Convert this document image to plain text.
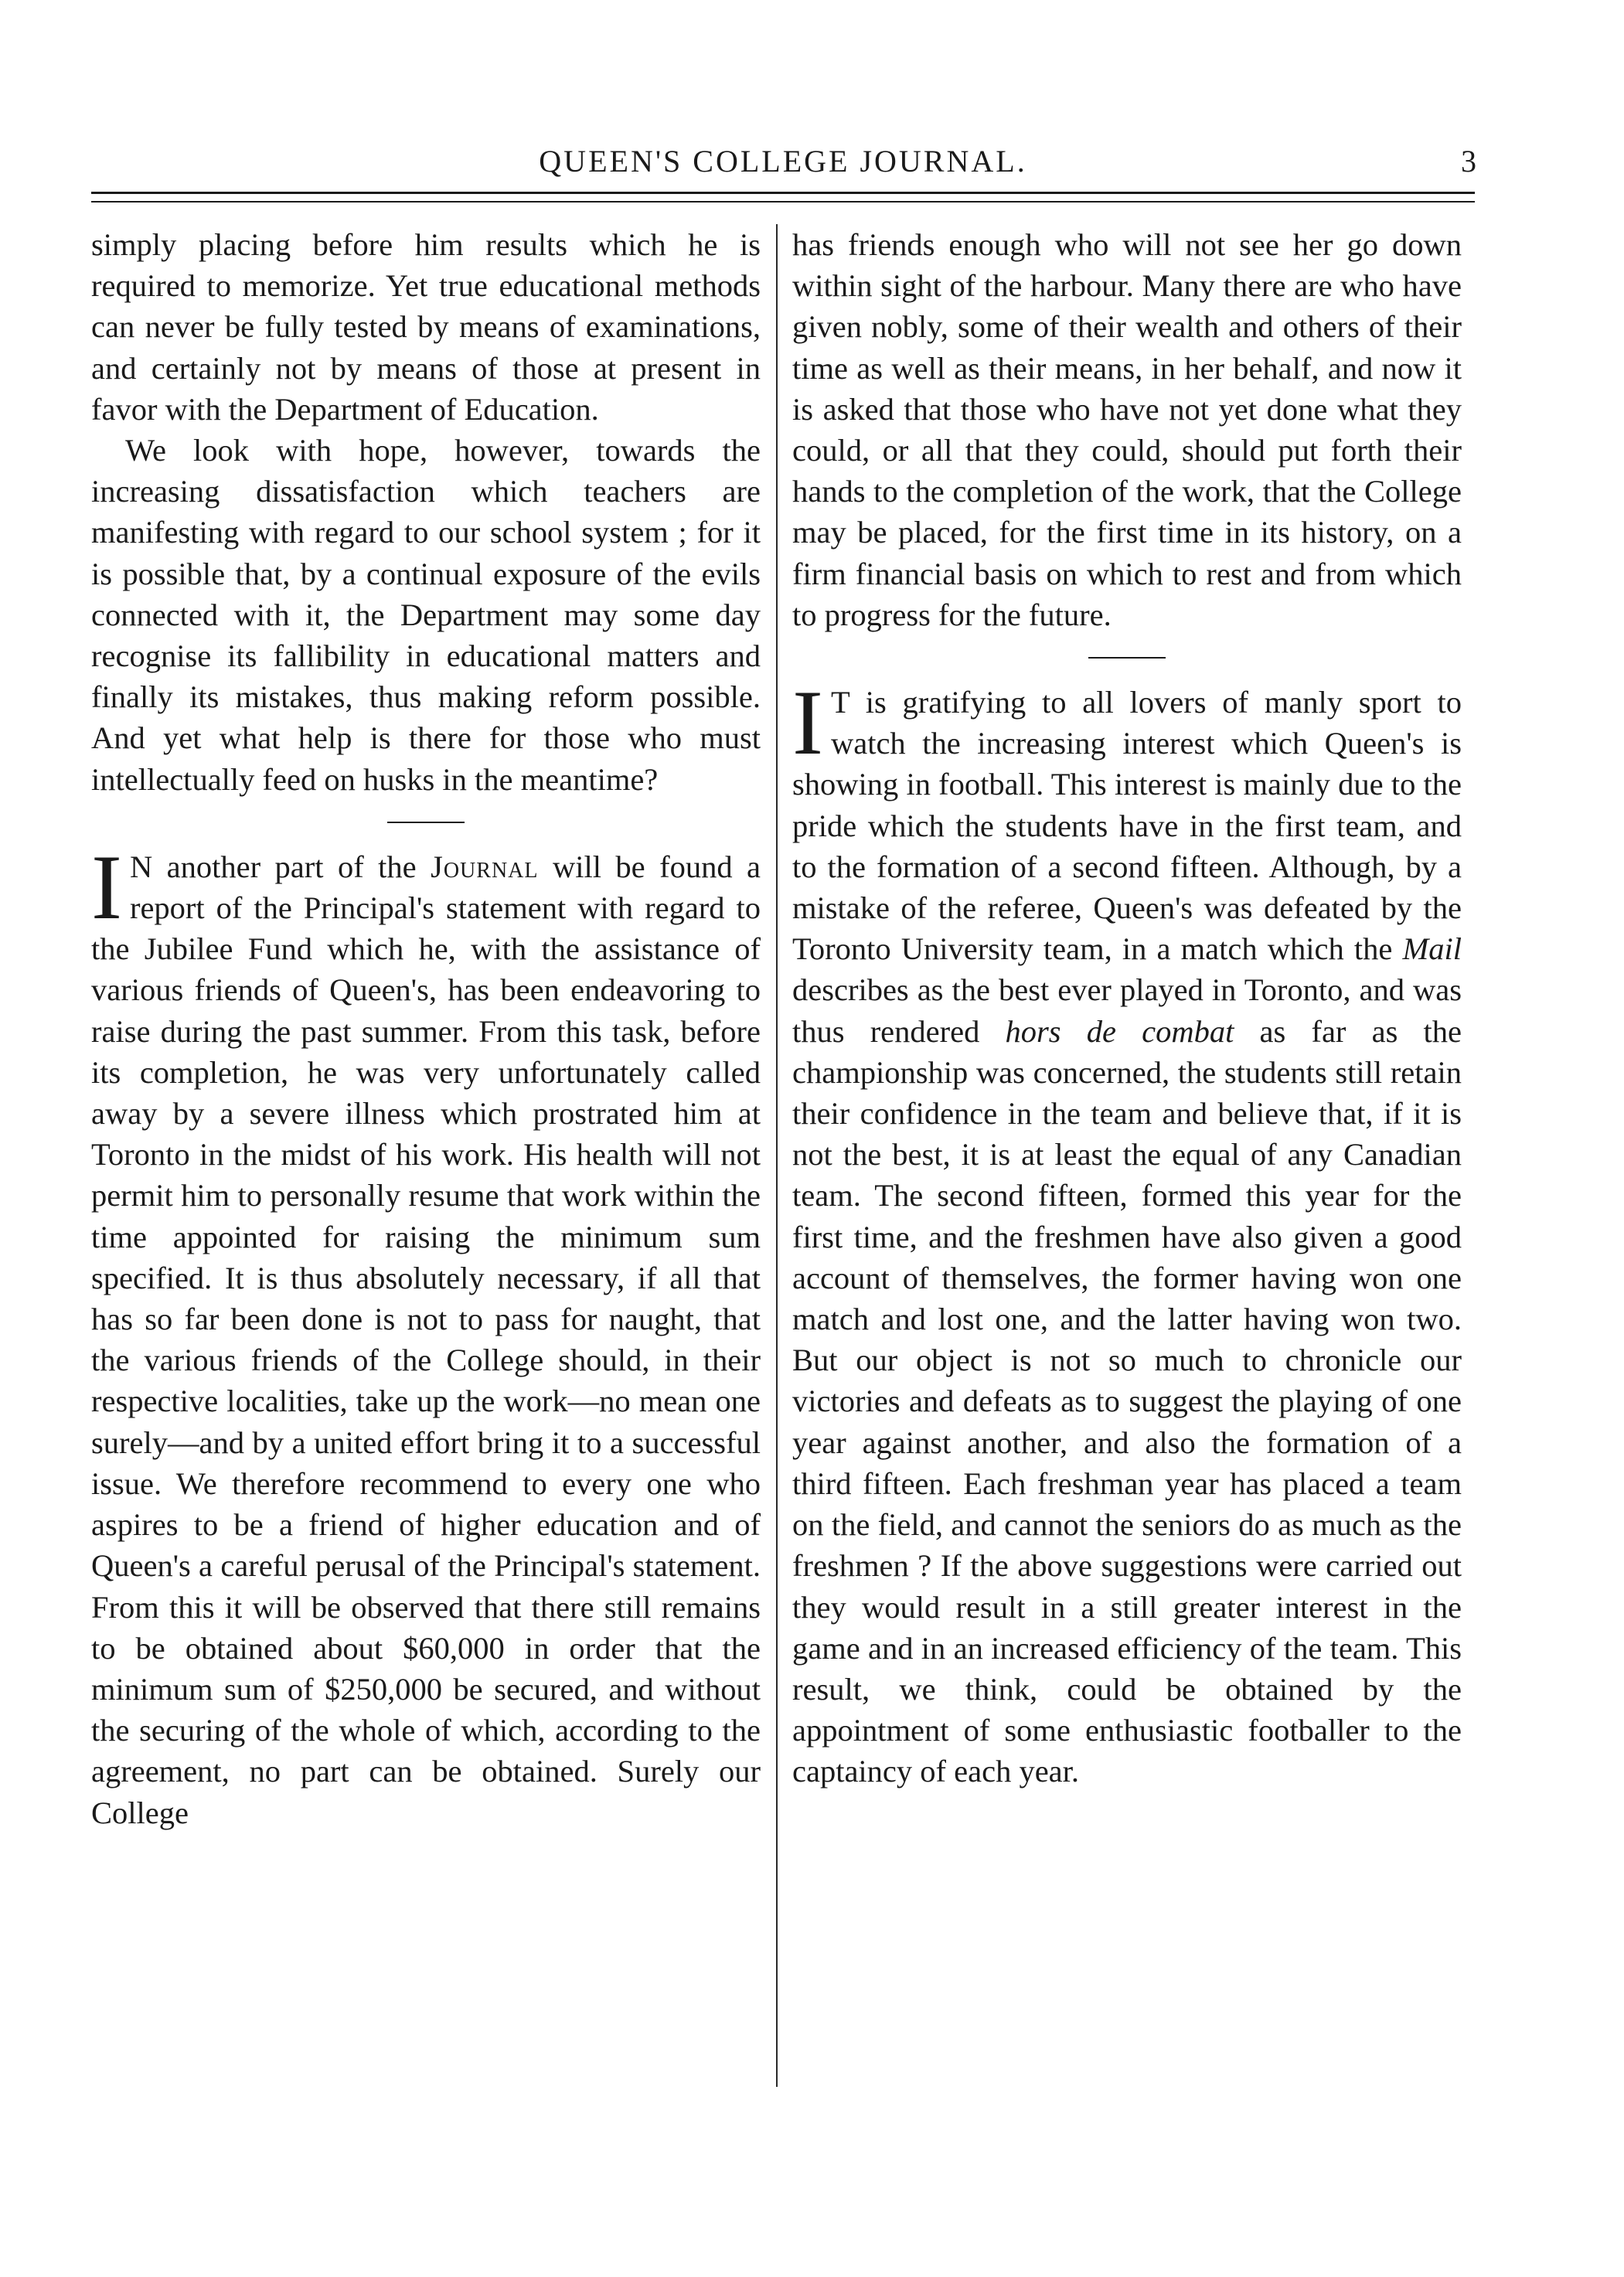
QUEEN'S COLLEGE JOURNAL.	3

simply placing before him results which he is required to memorize. Yet true educational methods can never be fully tested by means of examinations, and certainly not by means of those at present in favor with the Department of Education.

We look with hope, however, towards the increasing dissatisfaction which teachers are manifesting with regard to our school system ; for it is possible that, by a continual exposure of the evils connected with it, the Department may some day recognise its fallibility in educational matters and finally its mistakes, thus making reform possible. And yet what help is there for those who must intellectually feed on husks in the meantime?

I N another part of the Journal will be found a report of the Principal's statement with regard to the Jubilee Fund which he, with the assistance of various friends of Queen's, has been endeavoring to raise during the past summer. From this task, before its completion, he was very unfortunately called away by a severe illness which prostrated him at Toronto in the midst of his work. His health will not permit him to personally resume that work within the time appointed for raising the minimum sum specified. It is thus absolutely necessary, if all that has so far been done is not to pass for naught, that the various friends of the College should, in their respective localities, take up the work—no mean one surely—and by a united effort bring it to a successful issue. We therefore recommend to every one who aspires to be a friend of higher education and of Queen's a careful perusal of the Principal's statement. From this it will be observed that there still remains to be obtained about $60,000 in order that the minimum sum of $250,000 be secured, and without the securing of the whole of which, according to the agreement, no part can be obtained. Surely our College

has friends enough who will not see her go down within sight of the harbour. Many there are who have given nobly, some of their wealth and others of their time as well as their means, in her behalf, and now it is asked that those who have not yet done what they could, or all that they could, should put forth their hands to the completion of the work, that the College may be placed, for the first time in its history, on a firm financial basis on which to rest and from which to progress for the future.

I T is gratifying to all lovers of manly sport to watch the increasing interest which Queen's is showing in football. This interest is mainly due to the pride which the students have in the first team, and to the formation of a second fifteen. Although, by a mistake of the referee, Queen's was defeated by the Toronto University team, in a match which the Mail describes as the best ever played in Toronto, and was thus rendered hors de combat as far as the championship was concerned, the students still retain their confidence in the team and believe that, if it is not the best, it is at least the equal of any Canadian team. The second fifteen, formed this year for the first time, and the freshmen have also given a good account of themselves, the former having won one match and lost one, and the latter having won two. But our object is not so much to chronicle our victories and defeats as to suggest the playing of one year against another, and also the formation of a third fifteen. Each freshman year has placed a team on the field, and cannot the seniors do as much as the freshmen ? If the above suggestions were carried out they would result in a still greater interest in the game and in an increased efficiency of the team. This result, we think, could be obtained by the appointment of some enthusiastic footballer to the captaincy of each year.
